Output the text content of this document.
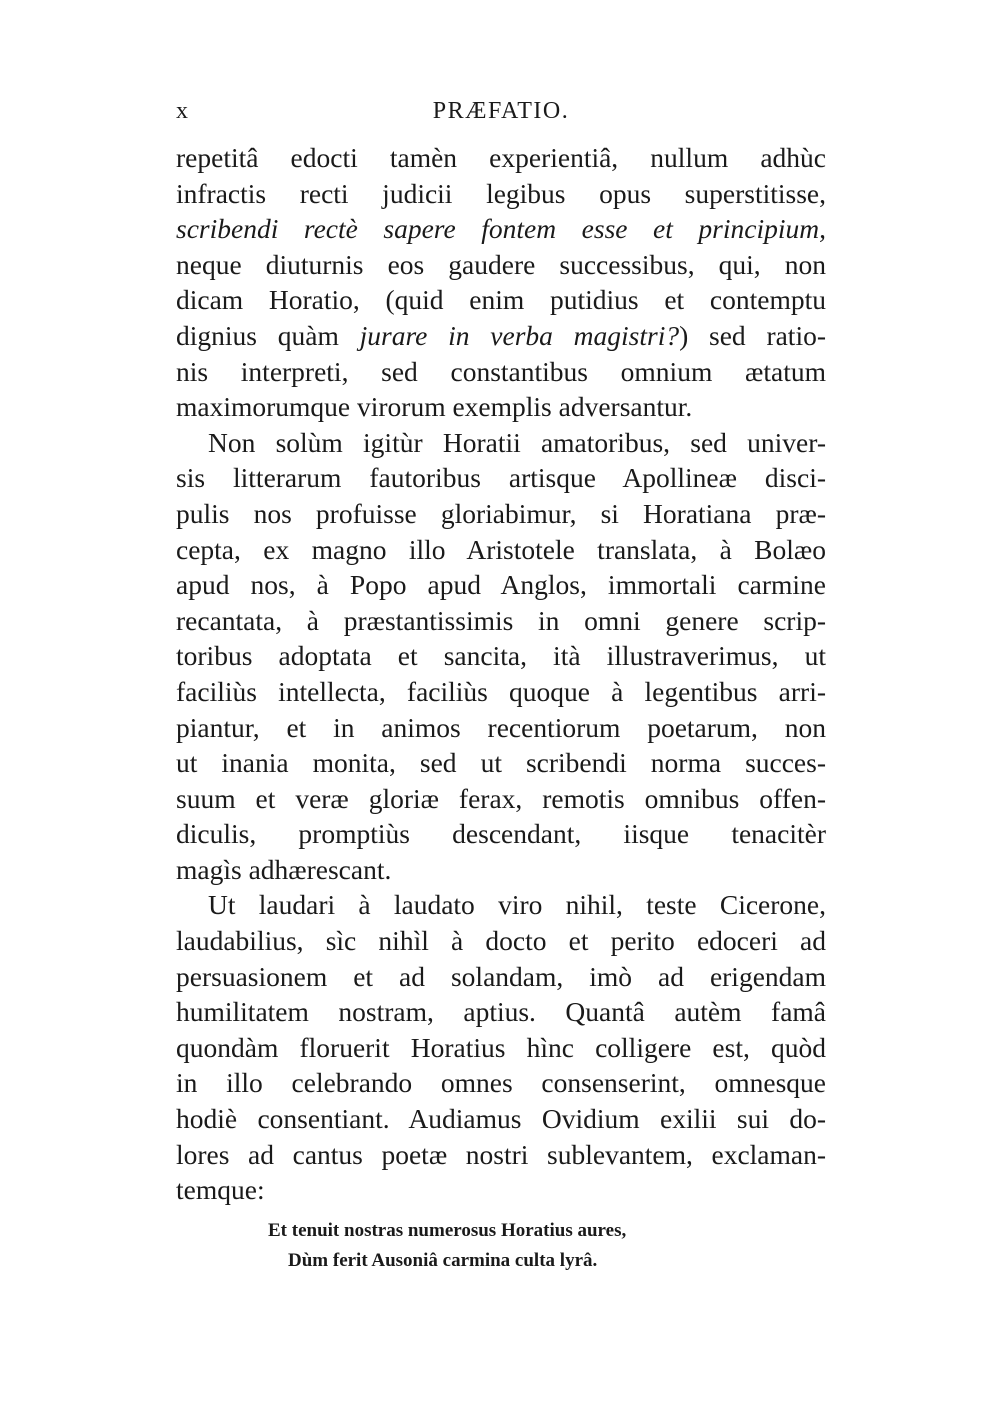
x	PRÆFATIO.
repetitâ edocti tamèn experientiâ, nullum adhùc
infractis recti judicii legibus opus superstitisse,
scribendi rectè sapere fontem esse et principium,
neque diuturnis eos gaudere successibus, qui, non
dicam Horatio, (quid enim putidius et contemptu
dignius quàm jurare in verba magistri?) sed ratio-
nis interpreti, sed constantibus omnium ætatum
maximorumque virorum exemplis adversantur.
Non solùm igitùr Horatii amatoribus, sed univer-
sis litterarum fautoribus artisque Apollineæ disci-
pulis nos profuisse gloriabimur, si Horatiana præ-
cepta, ex magno illo Aristotele translata, à Bolæo
apud nos, à Popo apud Anglos, immortali carmine
recantata, à præstantissimis in omni genere scrip-
toribus adoptata et sancita, ità illustraverimus, ut
faciliùs intellecta, faciliùs quoque à legentibus arri-
piantur, et in animos recentiorum poetarum, non
ut inania monita, sed ut scribendi norma succes-
suum et veræ gloriæ ferax, remotis omnibus offen-
diculis, promptiùs descendant, iisque tenacitèr
magìs adhærescant.
Ut laudari à laudato viro nihil, teste Cicerone,
laudabilius, sìc nihìl à docto et perito edoceri ad
persuasionem et ad solandam, imò ad erigendam
humilitatem nostram, aptius. Quantâ autèm famâ
quondàm floruerit Horatius hìnc colligere est, quòd
in illo celebrando omnes consenserint, omnesque
hodiè consentiant. Audiamus Ovidium exilii sui do-
lores ad cantus poetæ nostri sublevantem, exclaman-
temque:
Et tenuit nostras numerosus Horatius aures,
Dùm ferit Ausoniâ carmina culta lyrâ.
